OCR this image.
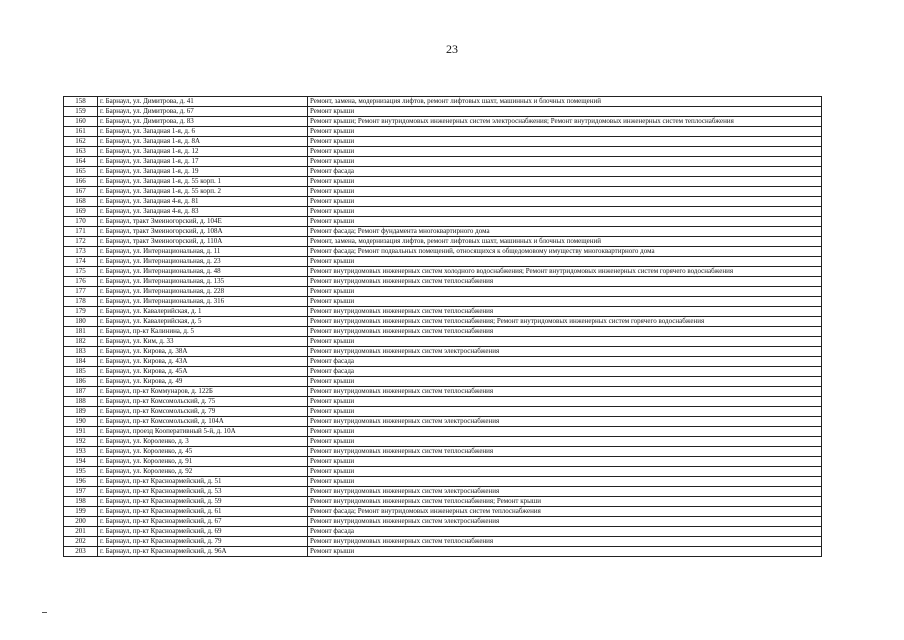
23
158	г. Барнаул, ул. Димитрова, д. 41	Ремонт, замена, модернизация лифтов, ремонт лифтовых шахт, машинных и блочных помещений
159	г. Барнаул, ул. Димитрова, д. 67	Ремонт крыши
160	г. Барнаул, ул. Димитрова, д. 83	Ремонт крыши; Ремонт внутридомовых инженерных систем электроснабжения; Ремонт внутридомовых инженерных систем теплоснабжения
161	г. Барнаул, ул. Западная 1-я, д. 6	Ремонт крыши
162	г. Барнаул, ул. Западная 1-я, д. 8А	Ремонт крыши
163	г. Барнаул, ул. Западная 1-я, д. 12	Ремонт крыши
164	г. Барнаул, ул. Западная 1-я, д. 17	Ремонт крыши
165	г. Барнаул, ул. Западная 1-я, д. 19	Ремонт фасада
166	г. Барнаул, ул. Западная 1-я, д. 55 корп. 1	Ремонт крыши
167	г. Барнаул, ул. Западная 1-я, д. 55 корп. 2	Ремонт крыши
168	г. Барнаул, ул. Западная 4-я, д. 81	Ремонт крыши
169	г. Барнаул, ул. Западная 4-я, д. 83	Ремонт крыши
170	г. Барнаул, тракт Змеиногорский, д. 104Е	Ремонт крыши
171	г. Барнаул, тракт Змеиногорский, д. 108А	Ремонт фасада; Ремонт фундамента многоквартирного дома
172	г. Барнаул, тракт Змеиногорский, д. 110А	Ремонт, замена, модернизация лифтов, ремонт лифтовых шахт, машинных и блочных помещений
173	г. Барнаул, ул. Интернациональная, д. 11	Ремонт фасада; Ремонт подвальных помещений, относящихся к общедомовому имуществу многоквартирного дома
174	г. Барнаул, ул. Интернациональная, д. 23	Ремонт крыши
175	г. Барнаул, ул. Интернациональная, д. 48	Ремонт внутридомовых инженерных систем холодного водоснабжения; Ремонт внутридомовых инженерных систем горячего водоснабжения
176	г. Барнаул, ул. Интернациональная, д. 135	Ремонт внутридомовых инженерных систем теплоснабжения
177	г. Барнаул, ул. Интернациональная, д. 228	Ремонт крыши
178	г. Барнаул, ул. Интернациональная, д. 316	Ремонт крыши
179	г. Барнаул, ул. Кавалерийская, д. 1	Ремонт внутридомовых инженерных систем теплоснабжения
180	г. Барнаул, ул. Кавалерийская, д. 5	Ремонт внутридомовых инженерных систем теплоснабжения; Ремонт внутридомовых инженерных систем горячего водоснабжения
181	г. Барнаул, пр-кт Калинина, д. 5	Ремонт внутридомовых инженерных систем теплоснабжения
182	г. Барнаул, ул. Ким, д. 33	Ремонт крыши
183	г. Барнаул, ул. Кирова, д. 38А	Ремонт внутридомовых инженерных систем электроснабжения
184	г. Барнаул, ул. Кирова, д. 43А	Ремонт фасада
185	г. Барнаул, ул. Кирова, д. 45А	Ремонт фасада
186	г. Барнаул, ул. Кирова, д. 49	Ремонт крыши
187	г. Барнаул, пр-кт Коммунаров, д. 122Б	Ремонт внутридомовых инженерных систем теплоснабжения
188	г. Барнаул, пр-кт Комсомольский, д. 75	Ремонт крыши
189	г. Барнаул, пр-кт Комсомольский, д. 79	Ремонт крыши
190	г. Барнаул, пр-кт Комсомольский, д. 104А	Ремонт внутридомовых инженерных систем электроснабжения
191	г. Барнаул, проезд Кооперативный 5-й, д. 10А	Ремонт крыши
192	г. Барнаул, ул. Короленко, д. 3	Ремонт крыши
193	г. Барнаул, ул. Короленко, д. 45	Ремонт внутридомовых инженерных систем теплоснабжения
194	г. Барнаул, ул. Короленко, д. 91	Ремонт крыши
195	г. Барнаул, ул. Короленко, д. 92	Ремонт крыши
196	г. Барнаул, пр-кт Красноармейский, д. 51	Ремонт крыши
197	г. Барнаул, пр-кт Красноармейский, д. 53	Ремонт внутридомовых инженерных систем электроснабжения
198	г. Барнаул, пр-кт Красноармейский, д. 59	Ремонт внутридомовых инженерных систем теплоснабжения; Ремонт крыши
199	г. Барнаул, пр-кт Красноармейский, д. 61	Ремонт фасада; Ремонт внутридомовых инженерных систем теплоснабжения
200	г. Барнаул, пр-кт Красноармейский, д. 67	Ремонт внутридомовых инженерных систем электроснабжения
201	г. Барнаул, пр-кт Красноармейский, д. 69	Ремонт фасада
202	г. Барнаул, пр-кт Красноармейский, д. 79	Ремонт внутридомовых инженерных систем теплоснабжения
203	г. Барнаул, пр-кт Красноармейский, д. 96А	Ремонт крыши
